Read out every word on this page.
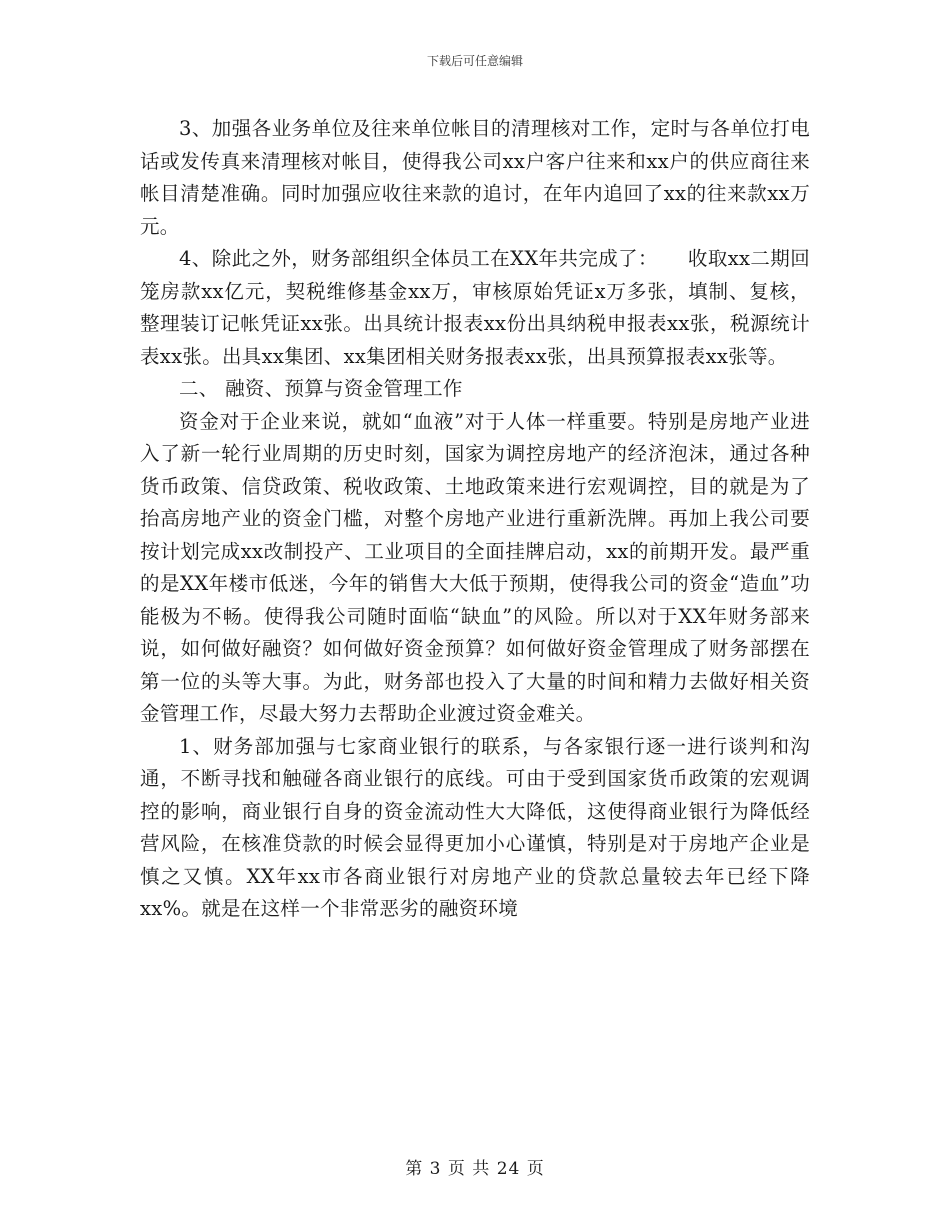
下载后可任意编辑

3、加强各业务单位及往来单位帐目的清理核对工作，定时与各单位打电话或发传真来清理核对帐目，使得我公司xx户客户往来和xx户的供应商往来帐目清楚准确。同时加强应收往来款的追讨，在年内追回了xx的往来款xx万元。

4、除此之外，财务部组织全体员工在XX年共完成了：　　收取xx二期回笼房款xx亿元，契税维修基金xx万，审核原始凭证x万多张，填制、复核，整理装订记帐凭证xx张。出具统计报表xx份出具纳税申报表xx张，税源统计表xx张。出具xx集团、xx集团相关财务报表xx张，出具预算报表xx张等。

二、 融资、预算与资金管理工作

资金对于企业来说，就如“血液”对于人体一样重要。特别是房地产业进入了新一轮行业周期的历史时刻，国家为调控房地产的经济泡沫，通过各种货币政策、信贷政策、税收政策、土地政策来进行宏观调控，目的就是为了抬高房地产业的资金门槛，对整个房地产业进行重新洗牌。再加上我公司要按计划完成xx改制投产、工业项目的全面挂牌启动，xx的前期开发。最严重的是XX年楼市低迷，今年的销售大大低于预期，使得我公司的资金“造血”功能极为不畅。使得我公司随时面临“缺血”的风险。所以对于XX年财务部来说，如何做好融资？如何做好资金预算？如何做好资金管理成了财务部摆在第一位的头等大事。为此，财务部也投入了大量的时间和精力去做好相关资金管理工作，尽最大努力去帮助企业渡过资金难关。

1、财务部加强与七家商业银行的联系，与各家银行逐一进行谈判和沟通，不断寻找和触碰各商业银行的底线。可由于受到国家货币政策的宏观调控的影响，商业银行自身的资金流动性大大降低，这使得商业银行为降低经营风险，在核准贷款的时候会显得更加小心谨慎，特别是对于房地产企业是慎之又慎。XX年xx市各商业银行对房地产业的贷款总量较去年已经下降xx%。就是在这样一个非常恶劣的融资环境

第 3 页 共 24 页
